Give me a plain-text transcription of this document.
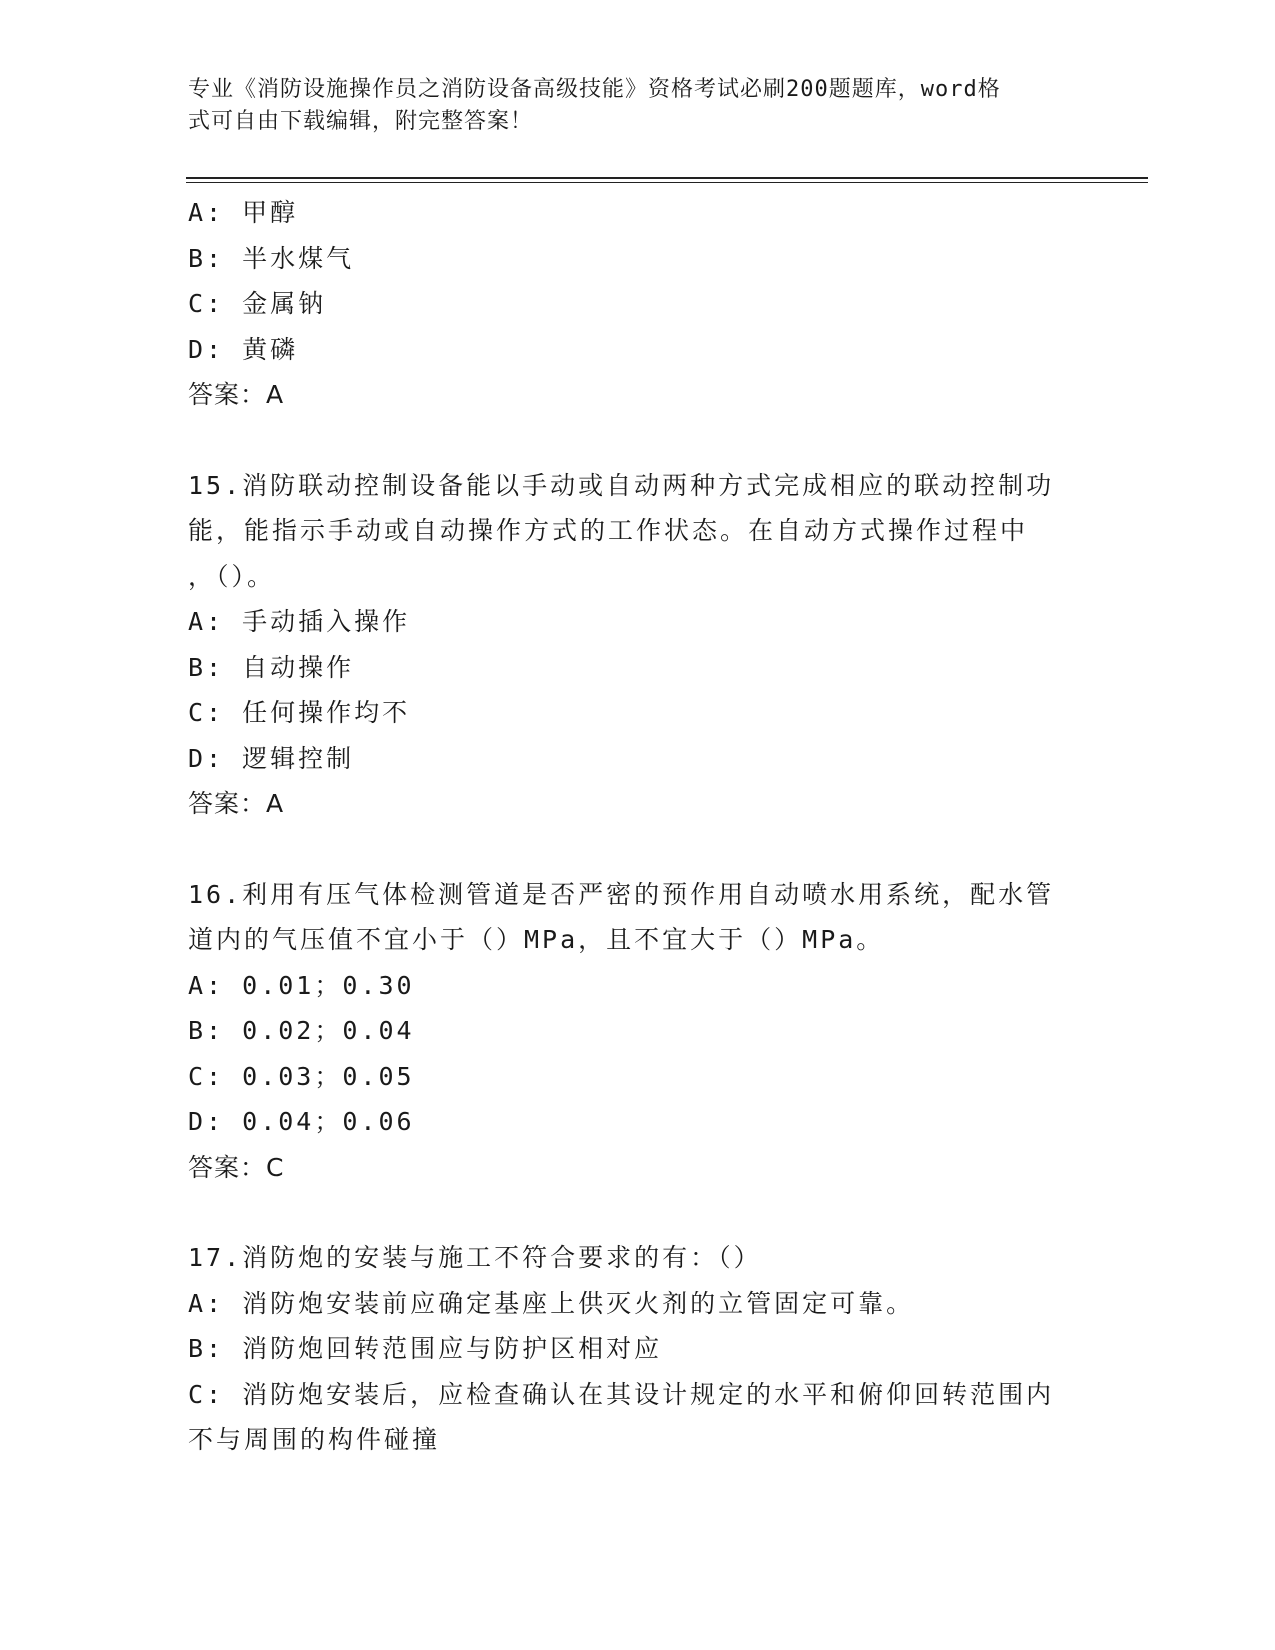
专业《消防设施操作员之消防设备高级技能》资格考试必刷200题题库，word格
式可自由下载编辑，附完整答案！
A: 甲醇
B: 半水煤气
C: 金属钠
D: 黄磷
答案：A
15.消防联动控制设备能以手动或自动两种方式完成相应的联动控制功
能，能指示手动或自动操作方式的工作状态。在自动方式操作过程中
，（）。
A: 手动插入操作
B: 自动操作
C: 任何操作均不
D: 逻辑控制
答案：A
16.利用有压气体检测管道是否严密的预作用自动喷水用系统，配水管
道内的气压值不宜小于（）MPa，且不宜大于（）MPa。
A: 0.01；0.30
B: 0.02；0.04
C: 0.03；0.05
D: 0.04；0.06
答案：C
17.消防炮的安装与施工不符合要求的有：（）
A: 消防炮安装前应确定基座上供灭火剂的立管固定可靠。
B: 消防炮回转范围应与防护区相对应
C: 消防炮安装后，应检查确认在其设计规定的水平和俯仰回转范围内
不与周围的构件碰撞
